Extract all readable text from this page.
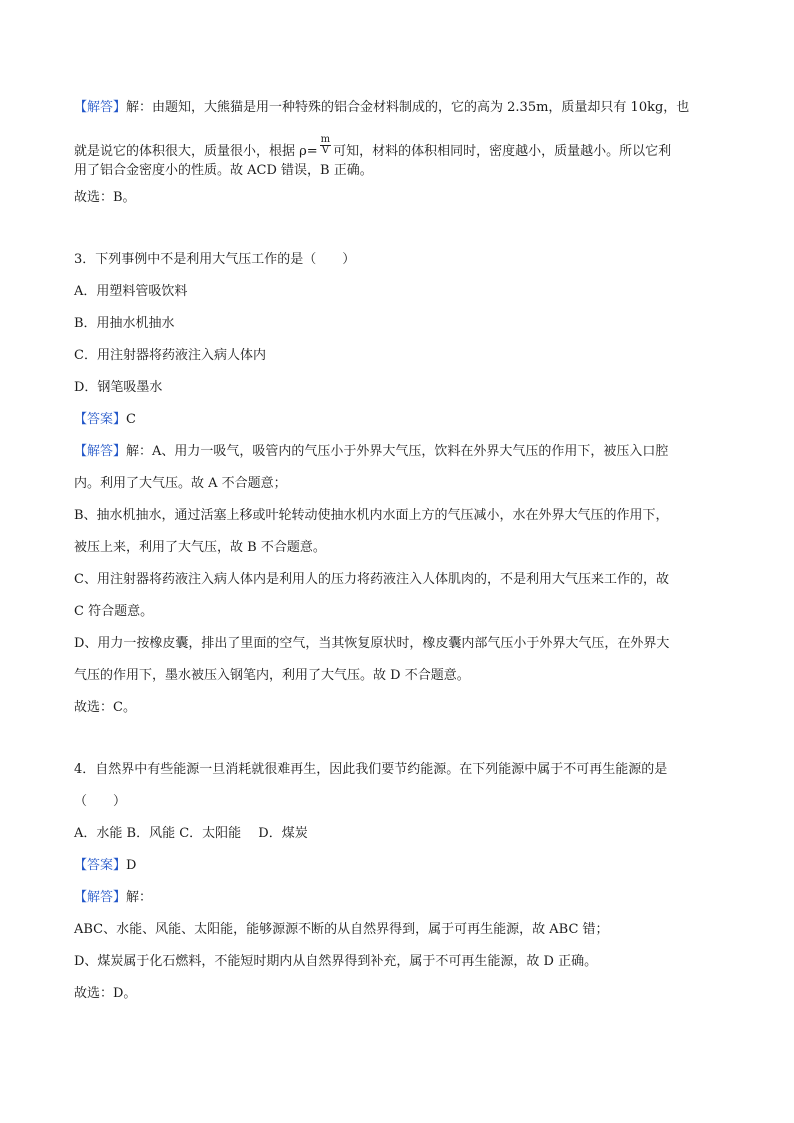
【解答】解：由题知，大熊猫是用一种特殊的铝合金材料制成的，它的高为 2.35m，质量却只有 10kg，也
就是说它的体积很大，质量很小，根据 $\rho= \frac{m}{V}$ 可知，材料的体积相同时，密度越小，质量越小。所以它利
用了铝合金密度小的性质。故 ACD 错误，B 正确。
故选：B。
3．下列事例中不是利用大气压工作的是（　　）
A．用塑料管吸饮料
B．用抽水机抽水
C．用注射器将药液注入病人体内
D．钢笔吸墨水
【答案】C
【解答】解：A、用力一吸气，吸管内的气压小于外界大气压，饮料在外界大气压的作用下，被压入口腔
内。利用了大气压。故 A 不合题意；
B、抽水机抽水，通过活塞上移或叶轮转动使抽水机内水面上方的气压减小，水在外界大气压的作用下，
被压上来，利用了大气压，故 B 不合题意。
C、用注射器将药液注入病人体内是利用人的压力将药液注入人体肌肉的，不是利用大气压来工作的，故
C 符合题意。
D、用力一按橡皮囊，排出了里面的空气，当其恢复原状时，橡皮囊内部气压小于外界大气压，在外界大
气压的作用下，墨水被压入钢笔内，利用了大气压。故 D 不合题意。
故选：C。
4．自然界中有些能源一旦消耗就很难再生，因此我们要节约能源。在下列能源中属于不可再生能源的是
（　　）
A．水能 B．风能 C．太阳能　 D．煤炭
【答案】D
【解答】解：
ABC、水能、风能、太阳能，能够源源不断的从自然界得到，属于可再生能源，故 ABC 错；
D、煤炭属于化石燃料，不能短时期内从自然界得到补充，属于不可再生能源，故 D 正确。
故选：D。
